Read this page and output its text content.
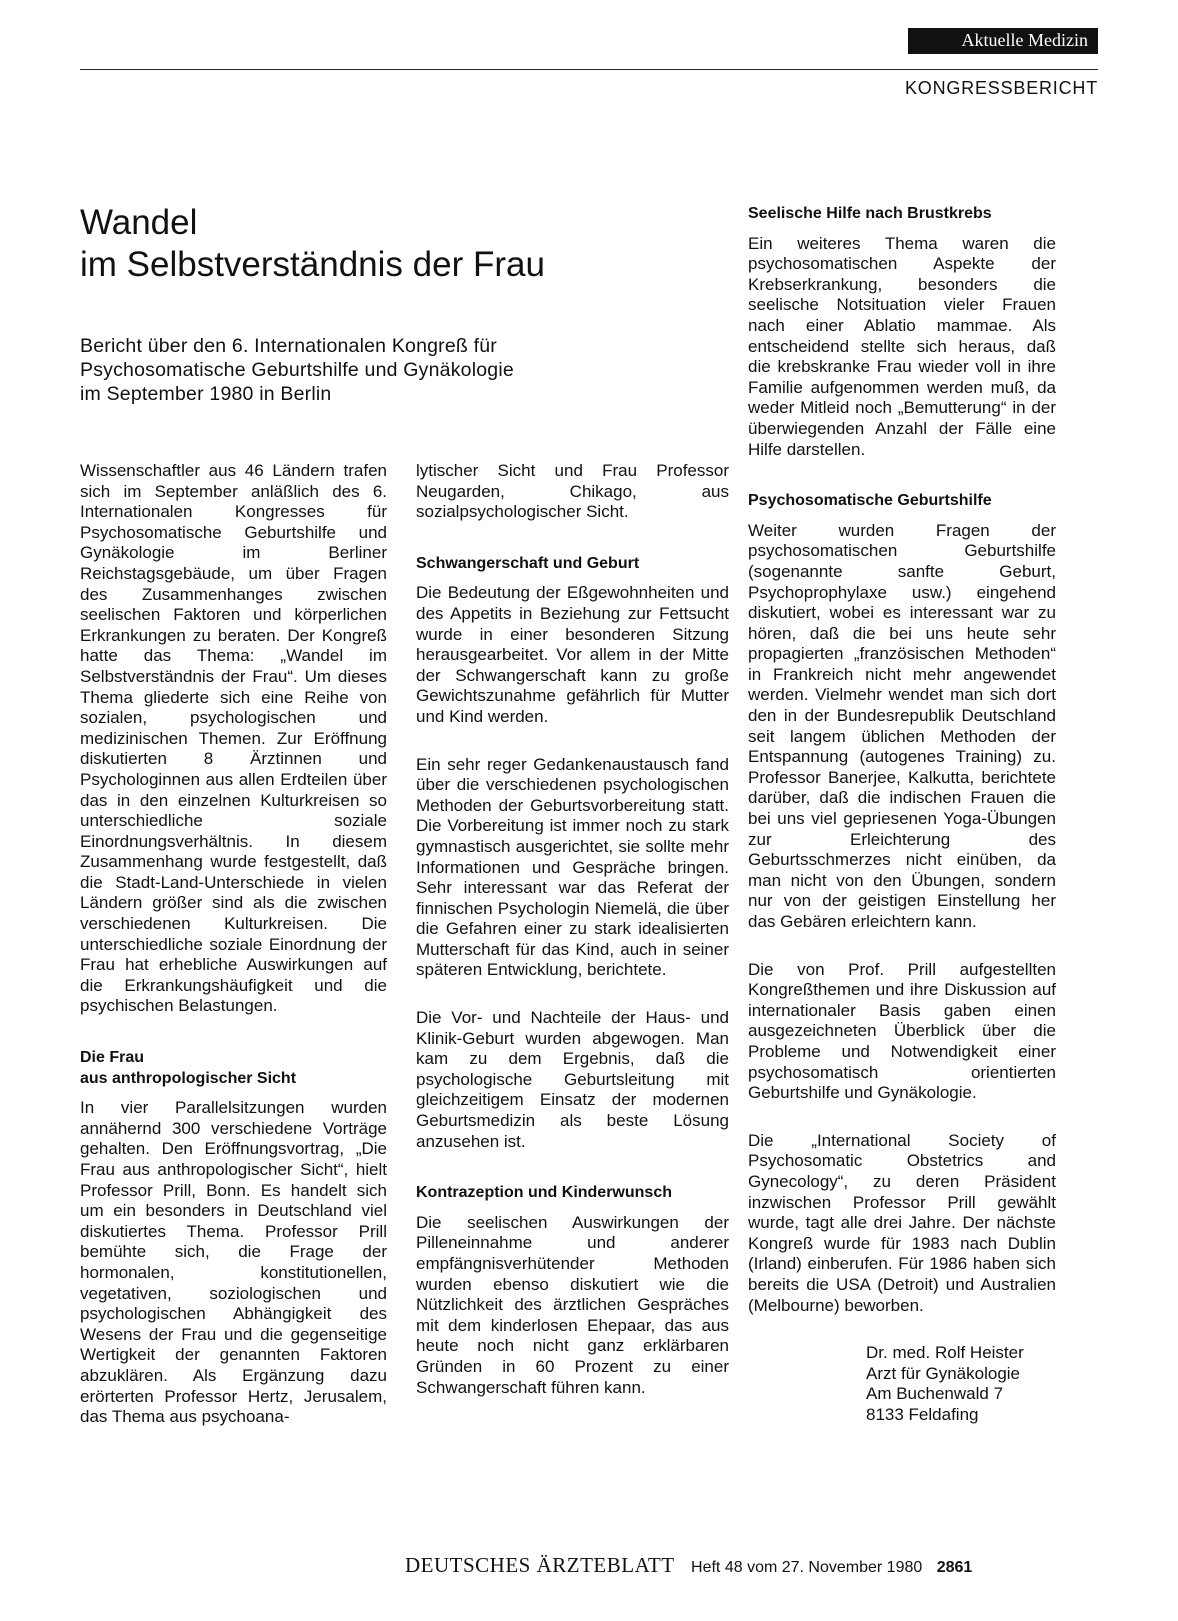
Aktuelle Medizin
KONGRESSBERICHT
Wandel
im Selbstverständnis der Frau
Bericht über den 6. Internationalen Kongreß für
Psychosomatische Geburtshilfe und Gynäkologie
im September 1980 in Berlin

Wissenschaftler aus 46 Ländern trafen sich im September anläßlich des 6. Internationalen Kongresses für Psychosomatische Geburtshilfe und Gynäkologie im Berliner Reichstagsgebäude, um über Fragen des Zusammenhanges zwischen seelischen Faktoren und körperlichen Erkrankungen zu beraten. Der Kongreß hatte das Thema: „Wandel im Selbstverständnis der Frau“. Um dieses Thema gliederte sich eine Reihe von sozialen, psychologischen und medizinischen Themen. Zur Eröffnung diskutierten 8 Ärztinnen und Psychologinnen aus allen Erdteilen über das in den einzelnen Kulturkreisen so unterschiedliche soziale Einordnungsverhältnis. In diesem Zusammenhang wurde festgestellt, daß die Stadt-Land-Unterschiede in vielen Ländern größer sind als die zwischen verschiedenen Kulturkreisen. Die unterschiedliche soziale Einordnung der Frau hat erhebliche Auswirkungen auf die Erkrankungshäufigkeit und die psychischen Belastungen.

Die Frau
aus anthropologischer Sicht

In vier Parallelsitzungen wurden annähernd 300 verschiedene Vorträge gehalten. Den Eröffnungsvortrag, „Die Frau aus anthropologischer Sicht“, hielt Professor Prill, Bonn. Es handelt sich um ein besonders in Deutschland viel diskutiertes Thema. Professor Prill bemühte sich, die Frage der hormonalen, konstitutionellen, vegetativen, soziologischen und psychologischen Abhängigkeit des Wesens der Frau und die gegenseitige Wertigkeit der genannten Faktoren abzuklären. Als Ergänzung dazu erörterten Professor Hertz, Jerusalem, das Thema aus psychoana-

lytischer Sicht und Frau Professor Neugarden, Chikago, aus sozialpsychologischer Sicht.

Schwangerschaft und Geburt

Die Bedeutung der Eßgewohnheiten und des Appetits in Beziehung zur Fettsucht wurde in einer besonderen Sitzung herausgearbeitet. Vor allem in der Mitte der Schwangerschaft kann zu große Gewichtszunahme gefährlich für Mutter und Kind werden.

Ein sehr reger Gedankenaustausch fand über die verschiedenen psychologischen Methoden der Geburtsvorbereitung statt. Die Vorbereitung ist immer noch zu stark gymnastisch ausgerichtet, sie sollte mehr Informationen und Gespräche bringen. Sehr interessant war das Referat der finnischen Psychologin Niemelä, die über die Gefahren einer zu stark idealisierten Mutterschaft für das Kind, auch in seiner späteren Entwicklung, berichtete.

Die Vor- und Nachteile der Haus- und Klinik-Geburt wurden abgewogen. Man kam zu dem Ergebnis, daß die psychologische Geburtsleitung mit gleichzeitigem Einsatz der modernen Geburtsmedizin als beste Lösung anzusehen ist.

Kontrazeption und Kinderwunsch

Die seelischen Auswirkungen der Pilleneinnahme und anderer empfängnisverhütender Methoden wurden ebenso diskutiert wie die Nützlichkeit des ärztlichen Gespräches mit dem kinderlosen Ehepaar, das aus heute noch nicht ganz erklärbaren Gründen in 60 Prozent zu einer Schwangerschaft führen kann.

Seelische Hilfe nach Brustkrebs

Ein weiteres Thema waren die psychosomatischen Aspekte der Krebserkrankung, besonders die seelische Notsituation vieler Frauen nach einer Ablatio mammae. Als entscheidend stellte sich heraus, daß die krebskranke Frau wieder voll in ihre Familie aufgenommen werden muß, da weder Mitleid noch „Bemutterung“ in der überwiegenden Anzahl der Fälle eine Hilfe darstellen.

Psychosomatische Geburtshilfe

Weiter wurden Fragen der psychosomatischen Geburtshilfe (sogenannte sanfte Geburt, Psychoprophylaxe usw.) eingehend diskutiert, wobei es interessant war zu hören, daß die bei uns heute sehr propagierten „französischen Methoden“ in Frankreich nicht mehr angewendet werden. Vielmehr wendet man sich dort den in der Bundesrepublik Deutschland seit langem üblichen Methoden der Entspannung (autogenes Training) zu. Professor Banerjee, Kalkutta, berichtete darüber, daß die indischen Frauen die bei uns viel gepriesenen Yoga-Übungen zur Erleichterung des Geburtsschmerzes nicht einüben, da man nicht von den Übungen, sondern nur von der geistigen Einstellung her das Gebären erleichtern kann.

Die von Prof. Prill aufgestellten Kongreßthemen und ihre Diskussion auf internationaler Basis gaben einen ausgezeichneten Überblick über die Probleme und Notwendigkeit einer psychosomatisch orientierten Geburtshilfe und Gynäkologie.

Die „International Society of Psychosomatic Obstetrics and Gynecology“, zu deren Präsident inzwischen Professor Prill gewählt wurde, tagt alle drei Jahre. Der nächste Kongreß wurde für 1983 nach Dublin (Irland) einberufen. Für 1986 haben sich bereits die USA (Detroit) und Australien (Melbourne) beworben.

Dr. med. Rolf Heister
Arzt für Gynäkologie
Am Buchenwald 7
8133 Feldafing
DEUTSCHES ÄRZTEBLATT Heft 48 vom 27. November 1980 2861
